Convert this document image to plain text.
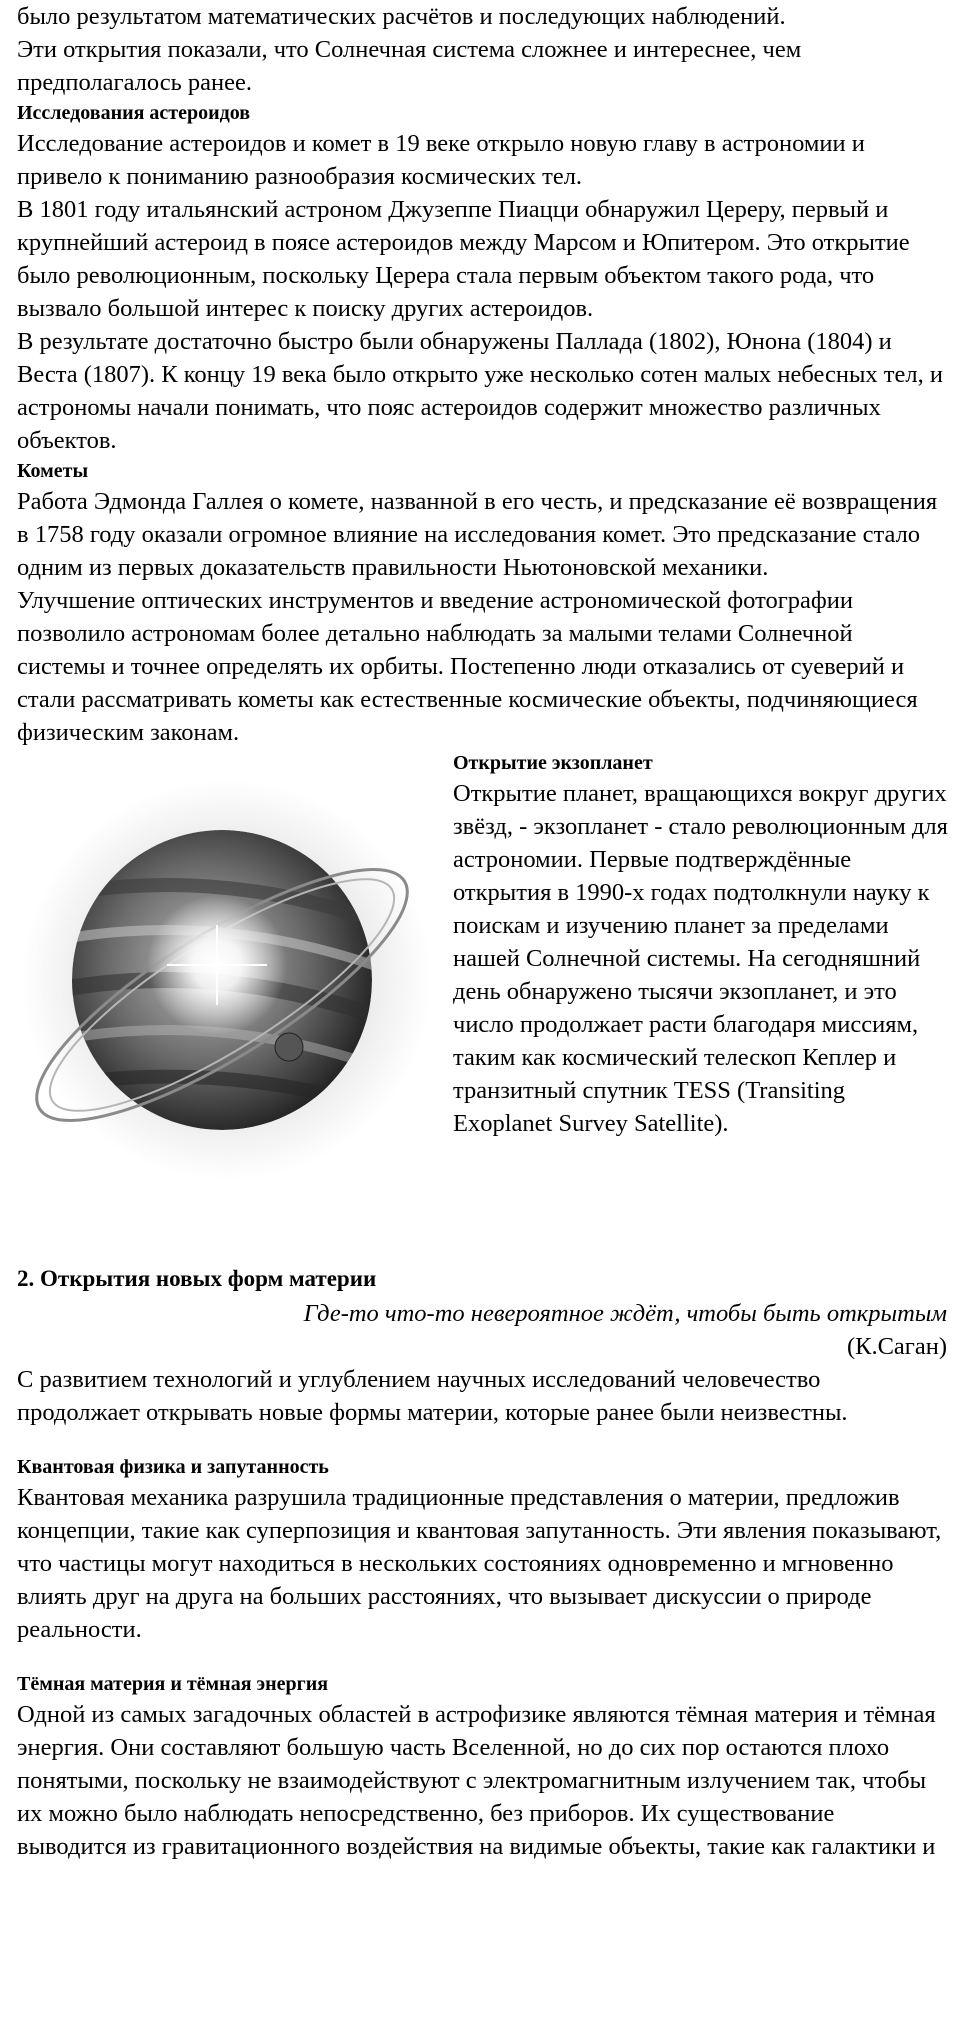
было результатом математических расчётов и последующих наблюдений.

Эти открытия показали, что Солнечная система сложнее и интереснее, чем предполагалось ранее.

Исследования астероидов

Исследование астероидов и комет в 19 веке открыло новую главу в астрономии и привело к пониманию разнообразия космических тел.

В 1801 году итальянский астроном Джузеппе Пиацци обнаружил Цереру, первый и крупнейший астероид в поясе астероидов между Марсом и Юпитером. Это открытие было революционным, поскольку Церера стала первым объектом такого рода, что вызвало большой интерес к поиску других астероидов.

В результате достаточно быстро были обнаружены Паллада (1802), Юнона (1804) и Веста (1807). К концу 19 века было открыто уже несколько сотен малых небесных тел, и астрономы начали понимать, что пояс астероидов содержит множество различных объектов.

Кометы

Работа Эдмонда Галлея о комете, названной в его честь, и предсказание её возвращения в 1758 году оказали огромное влияние на исследования комет. Это предсказание стало одним из первых доказательств правильности Ньютоновской механики.

Улучшение оптических инструментов и введение астрономической фотографии позволило астрономам более детально наблюдать за малыми телами Солнечной системы и точнее определять их орбиты. Постепенно люди отказались от суеверий и стали рассматривать кометы как естественные космические объекты, подчиняющиеся физическим законам.

Открытие экзопланет

Открытие планет, вращающихся вокруг других звёзд, - экзопланет - стало революционным для астрономии. Первые подтверждённые открытия в 1990-х годах подтолкнули науку к поискам и изучению планет за пределами нашей Солнечной системы. На сегодняшний день обнаружено тысячи экзопланет, и это число продолжает расти благодаря миссиям, таким как космический телескоп Кеплер и транзитный спутник TESS (Transiting Exoplanet Survey Satellite).

2. Открытия новых форм материи

Где-то что-то невероятное ждёт, чтобы быть открытым

(К.Саган)

С развитием технологий и углублением научных исследований человечество продолжает открывать новые формы материи, которые ранее были неизвестны.

Квантовая физика и запутанность

Квантовая механика разрушила традиционные представления о материи, предложив концепции, такие как суперпозиция и квантовая запутанность. Эти явления показывают, что частицы могут находиться в нескольких состояниях одновременно и мгновенно влиять друг на друга на больших расстояниях, что вызывает дискуссии о природе реальности.

Тёмная материя и тёмная энергия

Одной из самых загадочных областей в астрофизике являются тёмная материя и тёмная энергия. Они составляют большую часть Вселенной, но до сих пор остаются плохо понятыми, поскольку не взаимодействуют с электромагнитным излучением так, чтобы их можно было наблюдать непосредственно, без приборов. Их существование выводится из гравитационного воздействия на видимые объекты, такие как галактики и
